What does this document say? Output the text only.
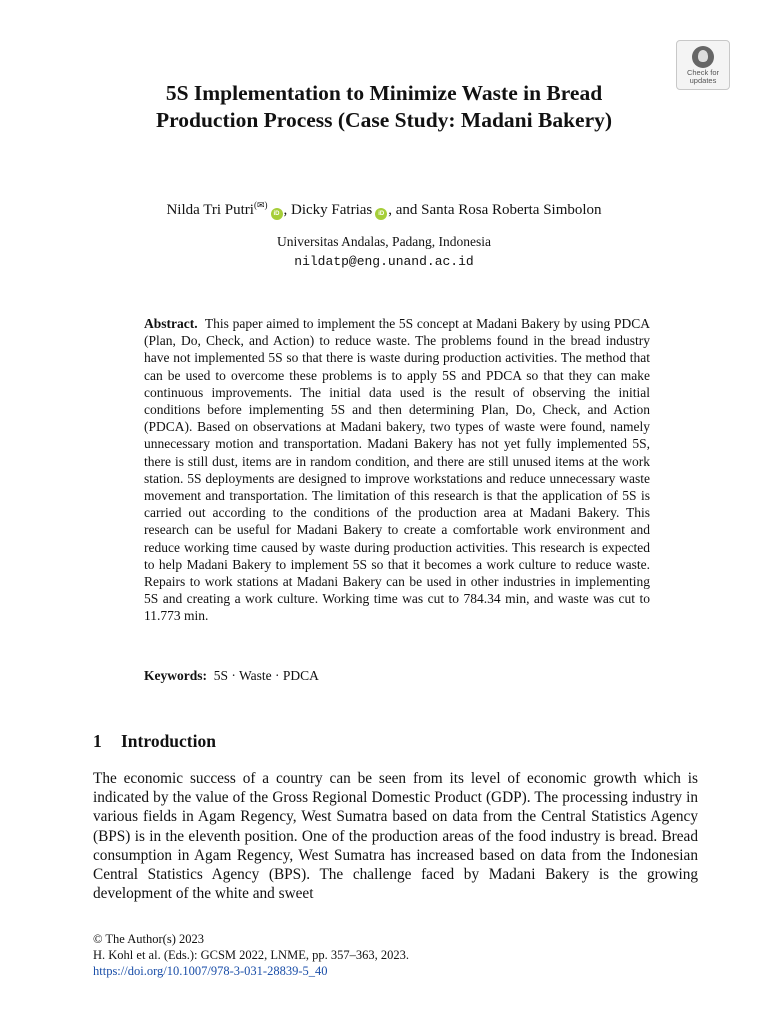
Check for
updates
5S Implementation to Minimize Waste in Bread Production Process (Case Study: Madani Bakery)
Nilda Tri Putri(✉)iD , Dicky Fatrias iD , and Santa Rosa Roberta Simbolon
Universitas Andalas, Padang, Indonesia
nildatp@eng.unand.ac.id
Abstract. This paper aimed to implement the 5S concept at Madani Bakery by using PDCA (Plan, Do, Check, and Action) to reduce waste. The problems found in the bread industry have not implemented 5S so that there is waste during production activities. The method that can be used to overcome these problems is to apply 5S and PDCA so that they can make continuous improvements. The initial data used is the result of observing the initial conditions before implementing 5S and then determining Plan, Do, Check, and Action (PDCA). Based on observations at Madani bakery, two types of waste were found, namely unnecessary motion and transportation. Madani Bakery has not yet fully implemented 5S, there is still dust, items are in random condition, and there are still unused items at the work station. 5S deployments are designed to improve workstations and reduce unnecessary waste movement and transportation. The limitation of this research is that the application of 5S is carried out according to the conditions of the production area at Madani Bakery. This research can be useful for Madani Bakery to create a comfortable work environment and reduce working time caused by waste during production activities. This research is expected to help Madani Bakery to implement 5S so that it becomes a work culture to reduce waste. Repairs to work stations at Madani Bakery can be used in other industries in implementing 5S and creating a work culture. Working time was cut to 784.34 min, and waste was cut to 11.773 min.
Keywords: 5S · Waste · PDCA
1 Introduction
The economic success of a country can be seen from its level of economic growth which is indicated by the value of the Gross Regional Domestic Product (GDP). The processing industry in various fields in Agam Regency, West Sumatra based on data from the Central Statistics Agency (BPS) is in the eleventh position. One of the production areas of the food industry is bread. Bread consumption in Agam Regency, West Sumatra has increased based on data from the Indonesian Central Statistics Agency (BPS). The challenge faced by Madani Bakery is the growing development of the white and sweet
© The Author(s) 2023
H. Kohl et al. (Eds.): GCSM 2022, LNME, pp. 357–363, 2023.
https://doi.org/10.1007/978-3-031-28839-5_40
